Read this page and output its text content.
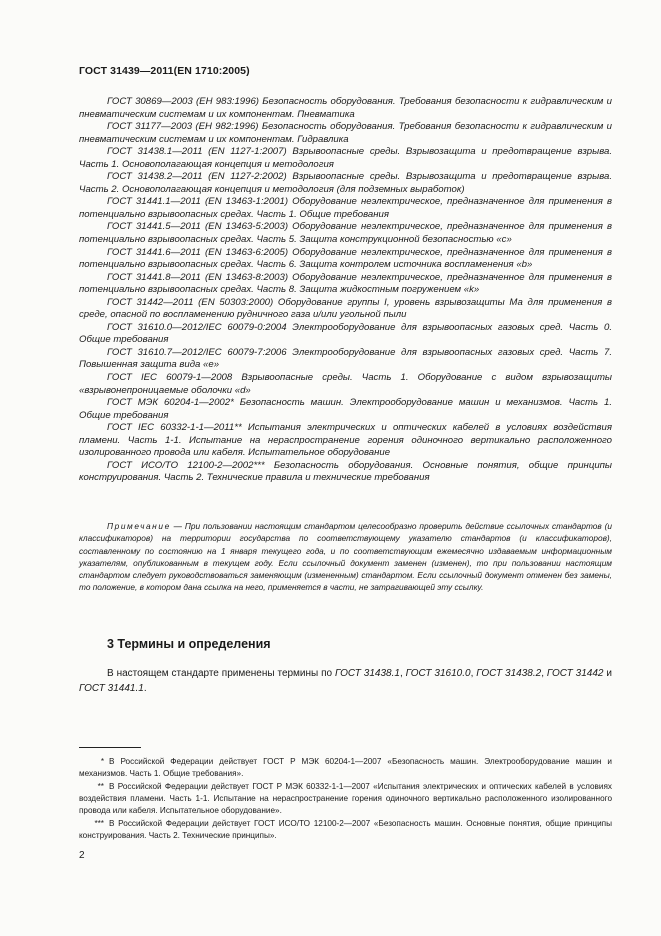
ГОСТ 31439—2011(EN 1710:2005)

ГОСТ 30869—2003 (ЕН 983:1996) Безопасность оборудования. Требования безопасности к гидравлическим и пневматическим системам и их компонентам. Пневматика

ГОСТ 31177—2003 (ЕН 982:1996) Безопасность оборудования. Требования безопасности к гидравлическим и пневматическим системам и их компонентам. Гидравлика

ГОСТ 31438.1—2011 (EN 1127-1:2007) Взрывоопасные среды. Взрывозащита и предотвращение взрыва. Часть 1. Основополагающая концепция и методология

ГОСТ 31438.2—2011 (EN 1127-2:2002) Взрывоопасные среды. Взрывозащита и предотвращение взрыва. Часть 2. Основополагающая концепция и методология (для подземных выработок)

ГОСТ 31441.1—2011 (EN 13463-1:2001) Оборудование неэлектрическое, предназначенное для применения в потенциально взрывоопасных средах. Часть 1. Общие требования

ГОСТ 31441.5—2011 (EN 13463-5:2003) Оборудование неэлектрическое, предназначенное для применения в потенциально взрывоопасных средах. Часть 5. Защита конструкционной безопасностью «с»

ГОСТ 31441.6—2011 (EN 13463-6:2005) Оборудование неэлектрическое, предназначенное для применения в потенциально взрывоопасных средах. Часть 6. Защита контролем источника воспламенения «b»

ГОСТ 31441.8—2011 (EN 13463-8:2003) Оборудование неэлектрическое, предназначенное для применения в потенциально взрывоопасных средах. Часть 8. Защита жидкостным погружением «k»

ГОСТ 31442—2011 (EN 50303:2000) Оборудование группы I, уровень взрывозащиты Ма для применения в среде, опасной по воспламенению рудничного газа и/или угольной пыли

ГОСТ 31610.0—2012/IEC 60079-0:2004 Электрооборудование для взрывоопасных газовых сред. Часть 0. Общие требования

ГОСТ 31610.7—2012/IEC 60079-7:2006 Электрооборудование для взрывоопасных газовых сред. Часть 7. Повышенная защита вида «е»

ГОСТ IEC 60079-1—2008 Взрывоопасные среды. Часть 1. Оборудование с видом взрывозащиты «взрывонепроницаемые оболочки «d»

ГОСТ МЭК 60204-1—2002* Безопасность машин. Электрооборудование машин и механизмов. Часть 1. Общие требования

ГОСТ IEC 60332-1-1—2011** Испытания электрических и оптических кабелей в условиях воздействия пламени. Часть 1-1. Испытание на нераспространение горения одиночного вертикально расположенного изолированного провода или кабеля. Испытательное оборудование

ГОСТ ИСО/ТО 12100-2—2002*** Безопасность оборудования. Основные понятия, общие принципы конструирования. Часть 2. Технические правила и технические требования

Примечание — При пользовании настоящим стандартом целесообразно проверить действие ссылочных стандартов (и классификаторов) на территории государства по соответствующему указателю стандартов (и классификаторов), составленному по состоянию на 1 января текущего года, и по соответствующим ежемесячно издаваемым информационным указателям, опубликованным в текущем году. Если ссылочный документ заменен (изменен), то при пользовании настоящим стандартом следует руководствоваться заменяющим (измененным) стандартом. Если ссылочный документ отменен без замены, то положение, в котором дана ссылка на него, применяется в части, не затрагивающей эту ссылку.

3 Термины и определения

В настоящем стандарте применены термины по ГОСТ 31438.1, ГОСТ 31610.0, ГОСТ 31438.2, ГОСТ 31442 и ГОСТ 31441.1.

* В Российской Федерации действует ГОСТ Р МЭК 60204-1—2007 «Безопасность машин. Электрооборудование машин и механизмов. Часть 1. Общие требования».

** В Российской Федерации действует ГОСТ Р МЭК 60332-1-1—2007 «Испытания электрических и оптических кабелей в условиях воздействия пламени. Часть 1-1. Испытание на нераспространение горения одиночного вертикально расположенного изолированного провода или кабеля. Испытательное оборудование».

*** В Российской Федерации действует ГОСТ ИСО/ТО 12100-2—2007 «Безопасность машин. Основные понятия, общие принципы конструирования. Часть 2. Технические принципы».

2
